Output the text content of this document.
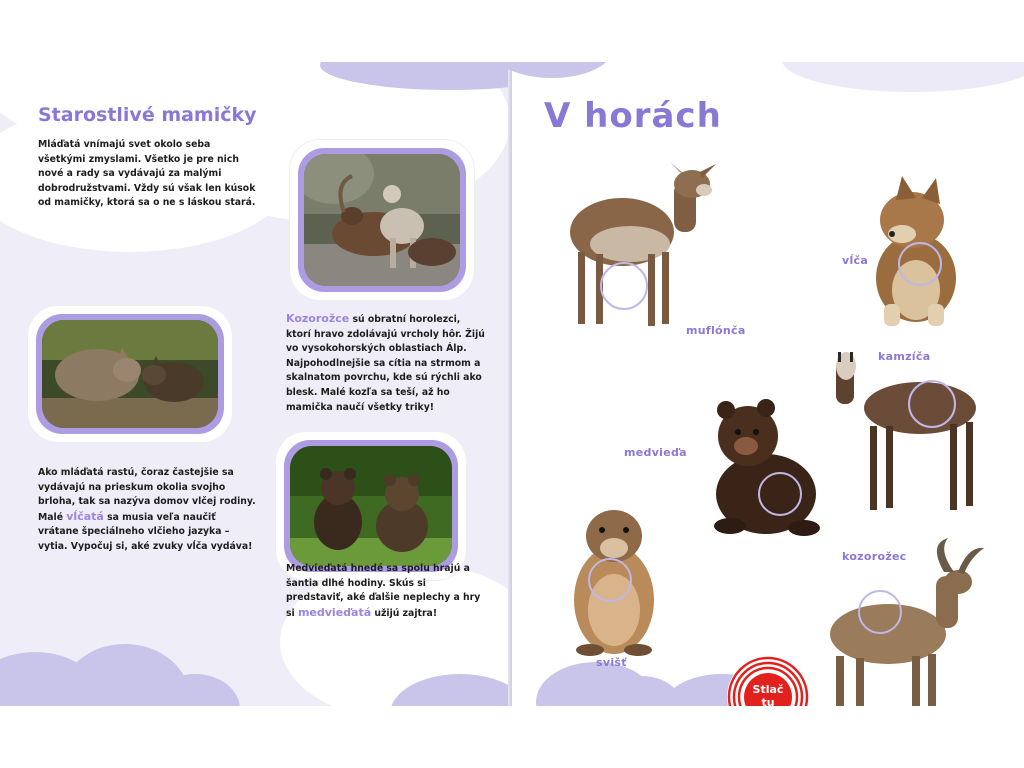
Starostlivé mamičky

Mláďatá vnímajú svet okolo seba všetkými zmyslami. Všetko je pre nich nové a rady sa vydávajú za malými dobrodružstvami. Vždy sú však len kúsok od mamičky, ktorá sa o ne s láskou stará.

Kozorožce sú obratní horolezci, ktorí hravo zdolávajú vrcholy hôr. Žijú vo vysokohorských oblastiach Álp. Najpohodlnejšie sa cítia na strmom a skalnatom povrchu, kde sú rýchli ako blesk. Malé kozľa sa teší, až ho mamička naučí všetky triky!

Ako mláďatá rastú, čoraz častejšie sa vydávajú na prieskum okolia svojho brloha, tak sa nazýva domov vlčej rodiny. Malé vĺčatá sa musia veľa naučiť vrátane špeciálneho vlčieho jazyka – vytia. Vypočuj si, aké zvuky vĺča vydáva!

Medvieďatá hnedé sa spolu hrajú a šantia dlhé hodiny. Skús si predstaviť, aké ďalšie neplechy a hry si medvieďatá užijú zajtra!

V horách
muflónča
vĺča
kamzíča
medvieďa
kozorožec
svišť
Stlač
tu
